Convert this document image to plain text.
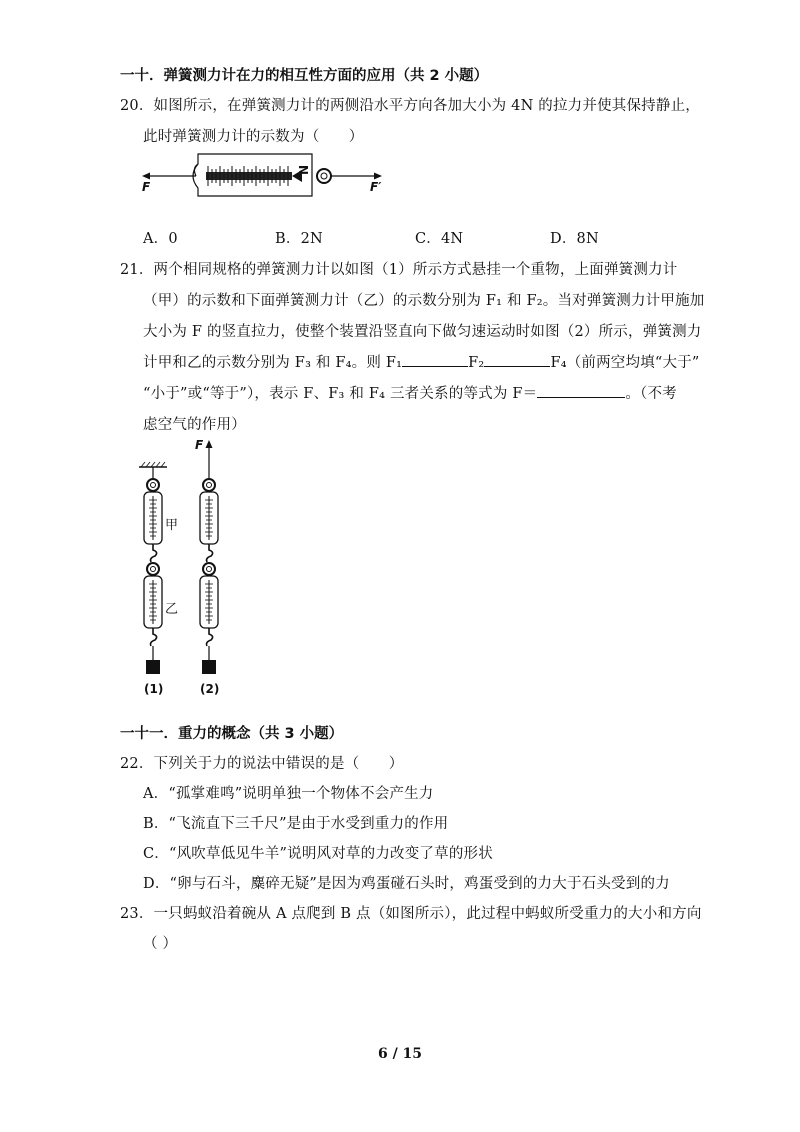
一十．弹簧测力计在力的相互性方面的应用（共 2 小题）
20．如图所示，在弹簧测力计的两侧沿水平方向各加大小为 4N 的拉力并使其保持静止，
此时弹簧测力计的示数为（　　）
N
F	F′
A．0	B．2N	C．4N	D．8N
21．两个相同规格的弹簧测力计以如图（1）所示方式悬挂一个重物，上面弹簧测力计
（甲）的示数和下面弹簧测力计（乙）的示数分别为 F₁ 和 F₂。当对弹簧测力计甲施加
大小为 F 的竖直拉力，使整个装置沿竖直向下做匀速运动时如图（2）所示，弹簧测力
计甲和乙的示数分别为 F₃ 和 F₄。则 F₁	F₂	F₄（前两空均填“大于”
“小于”或“等于”），表示 F、F₃ 和 F₄ 三者关系的等式为 F＝	。（不考
虑空气的作用）
F
甲
乙
(1)	(2)
一十一．重力的概念（共 3 小题）
22．下列关于力的说法中错误的是（　　）
A．“孤掌难鸣”说明单独一个物体不会产生力
B．“飞流直下三千尺”是由于水受到重力的作用
C．“风吹草低见牛羊”说明风对草的力改变了草的形状
D．“卵与石斗，麋碎无疑”是因为鸡蛋碰石头时，鸡蛋受到的力大于石头受到的力
23．一只蚂蚁沿着碗从 A 点爬到 B 点（如图所示），此过程中蚂蚁所受重力的大小和方向
（ ）
6 / 15
